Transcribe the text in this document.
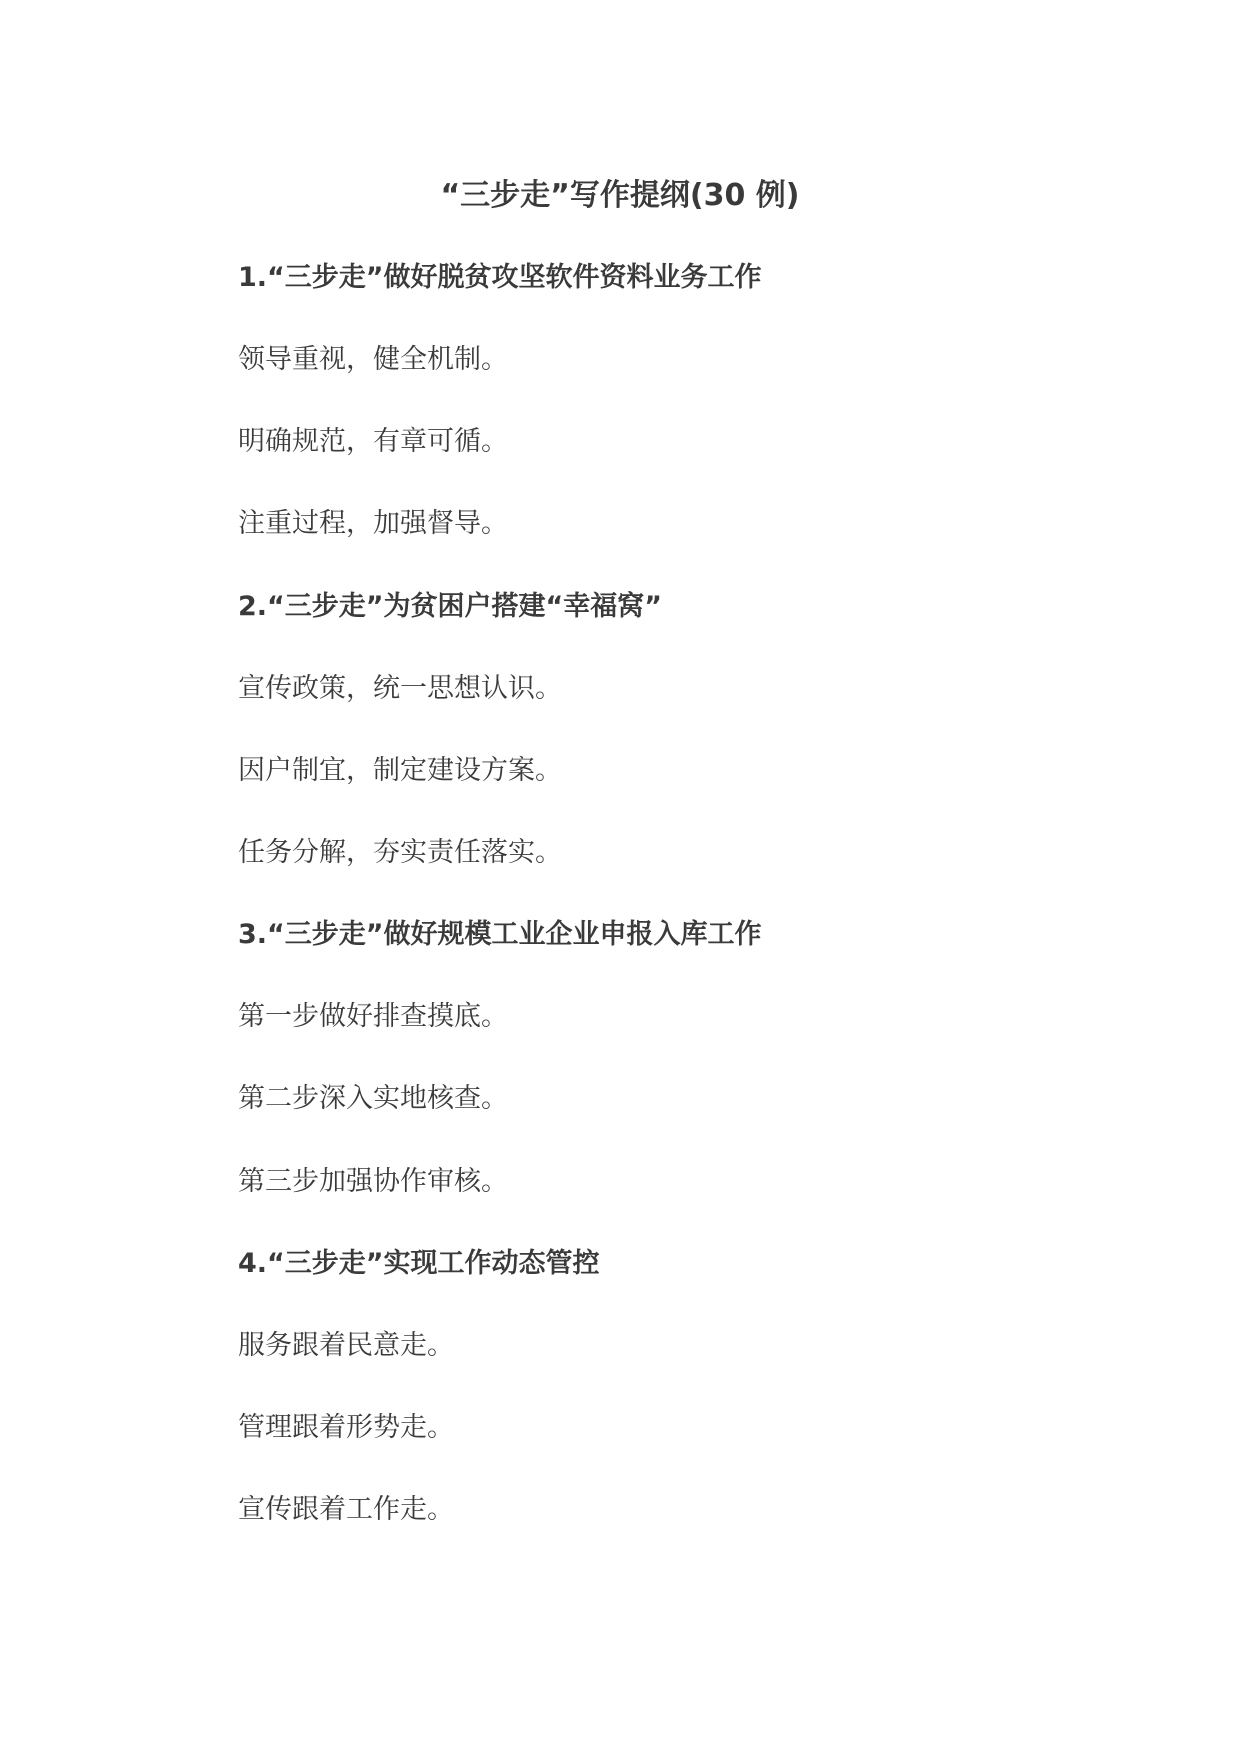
“三步走”写作提纲(30 例)
1.“三步走”做好脱贫攻坚软件资料业务工作
领导重视，健全机制。
明确规范，有章可循。
注重过程，加强督导。
2.“三步走”为贫困户搭建“幸福窝”
宣传政策，统一思想认识。
因户制宜，制定建设方案。
任务分解，夯实责任落实。
3.“三步走”做好规模工业企业申报入库工作
第一步做好排查摸底。
第二步深入实地核查。
第三步加强协作审核。
4.“三步走”实现工作动态管控
服务跟着民意走。
管理跟着形势走。
宣传跟着工作走。
